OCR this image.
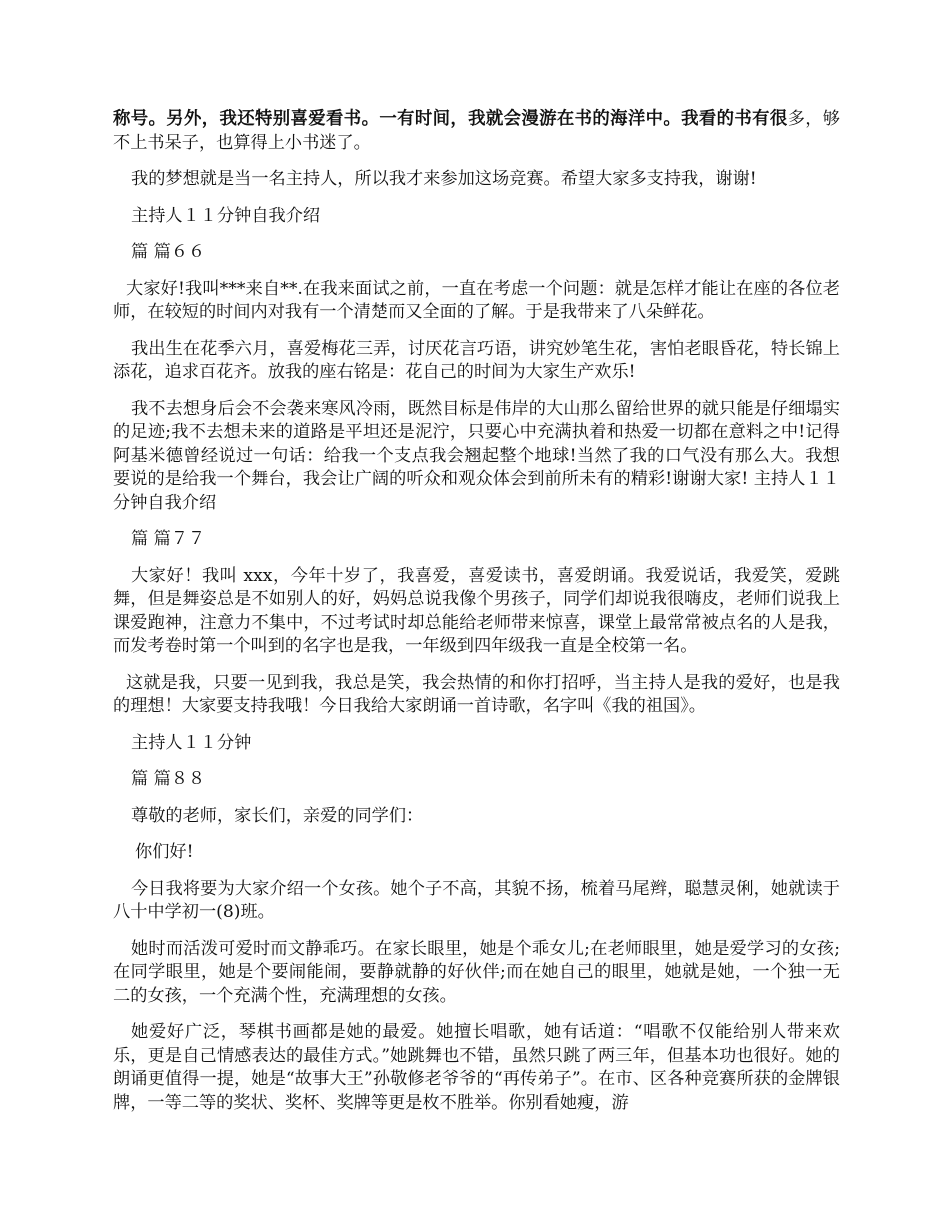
称号。另外，我还特别喜爱看书。一有时间，我就会漫游在书的海洋中。我看的书有很多，够不上书呆子，也算得上小书迷了。

我的梦想就是当一名主持人，所以我才来参加这场竞赛。希望大家多支持我，谢谢!

主持人１１分钟自我介绍

篇 篇６６

大家好!我叫***来自**.在我来面试之前，一直在考虑一个问题：就是怎样才能让在座的各位老师，在较短的时间内对我有一个清楚而又全面的了解。于是我带来了八朵鲜花。

我出生在花季六月，喜爱梅花三弄，讨厌花言巧语，讲究妙笔生花，害怕老眼昏花，特长锦上添花，追求百花齐。放我的座右铭是：花自己的时间为大家生产欢乐!

我不去想身后会不会袭来寒风冷雨，既然目标是伟岸的大山那么留给世界的就只能是仔细塌实的足迹;我不去想未来的道路是平坦还是泥泞，只要心中充满执着和热爱一切都在意料之中!记得阿基米德曾经说过一句话：给我一个支点我会翘起整个地球!当然了我的口气没有那么大。我想要说的是给我一个舞台，我会让广阔的听众和观众体会到前所未有的精彩!谢谢大家! 主持人１１分钟自我介绍

篇 篇７７

大家好！我叫 xxx，今年十岁了，我喜爱，喜爱读书，喜爱朗诵。我爱说话，我爱笑，爱跳舞，但是舞姿总是不如别人的好，妈妈总说我像个男孩子，同学们却说我很嗨皮，老师们说我上课爱跑神，注意力不集中，不过考试时却总能给老师带来惊喜，课堂上最常常被点名的人是我，而发考卷时第一个叫到的名字也是我，一年级到四年级我一直是全校第一名。

这就是我，只要一见到我，我总是笑，我会热情的和你打招呼，当主持人是我的爱好，也是我的理想！大家要支持我哦！今日我给大家朗诵一首诗歌，名字叫《我的祖国》。

主持人１１分钟

篇 篇８８

尊敬的老师，家长们，亲爱的同学们：

你们好!

今日我将要为大家介绍一个女孩。她个子不高，其貌不扬，梳着马尾辫，聪慧灵俐，她就读于八十中学初一(8)班。

她时而活泼可爱时而文静乖巧。在家长眼里，她是个乖女儿;在老师眼里，她是爱学习的女孩;在同学眼里，她是个要闹能闹，要静就静的好伙伴;而在她自己的眼里，她就是她，一个独一无二的女孩，一个充满个性，充满理想的女孩。

她爱好广泛，琴棋书画都是她的最爱。她擅长唱歌，她有话道：“唱歌不仅能给别人带来欢乐，更是自己情感表达的最佳方式。”她跳舞也不错，虽然只跳了两三年，但基本功也很好。她的朗诵更值得一提，她是“故事大王”孙敬修老爷爷的“再传弟子”。在市、区各种竞赛所获的金牌银牌，一等二等的奖状、奖杯、奖牌等更是枚不胜举。你别看她瘦，游
